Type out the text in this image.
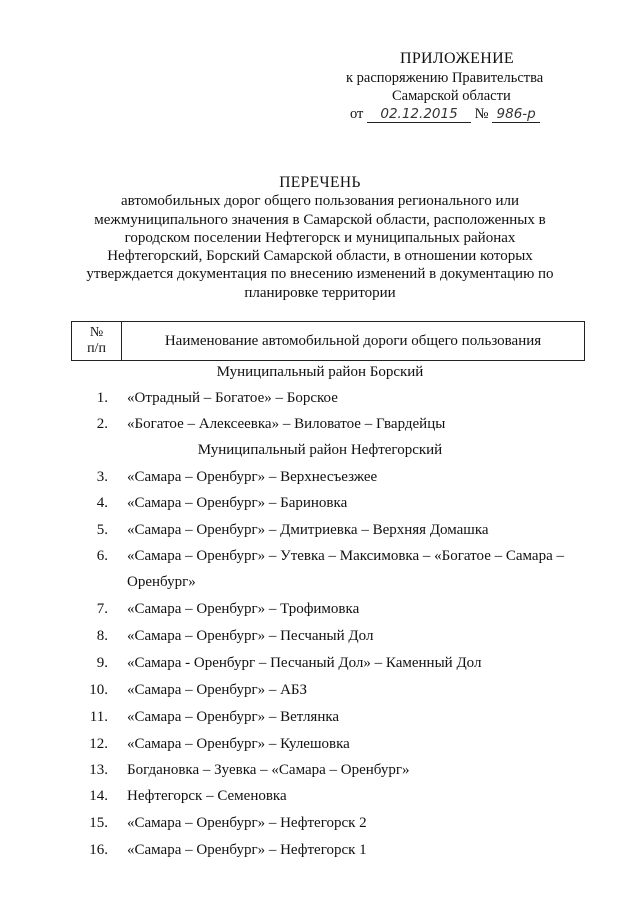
ПРИЛОЖЕНИЕ
к распоряжению Правительства
Самарской области
от 02.12.2015 № 986-р
ПЕРЕЧЕНЬ
автомобильных дорог общего пользования регионального или
межмуниципального значения в Самарской области, расположенных в
городском поселении Нефтегорск и муниципальных районах
Нефтегорский, Борский Самарской области, в отношении которых
утверждается документация по внесению изменений в документацию по
планировке территории
№
п/п	Наименование автомобильной дороги общего пользования
Муниципальный район Борский
1. «Отрадный – Богатое» – Борское
2. «Богатое – Алексеевка» – Виловатое – Гвардейцы
Муниципальный район Нефтегорский
3. «Самара – Оренбург» – Верхнесъезжее
4. «Самара – Оренбург» – Бариновка
5. «Самара – Оренбург» – Дмитриевка – Верхняя Домашка
6. «Самара – Оренбург» – Утевка – Максимовка – «Богатое – Самара – Оренбург»
7. «Самара – Оренбург» – Трофимовка
8. «Самара – Оренбург» – Песчаный Дол
9. «Самара - Оренбург – Песчаный Дол» – Каменный Дол
10. «Самара – Оренбург» – АБЗ
11. «Самара – Оренбург» – Ветлянка
12. «Самара – Оренбург» – Кулешовка
13. Богдановка – Зуевка – «Самара – Оренбург»
14. Нефтегорск – Семеновка
15. «Самара – Оренбург» – Нефтегорск 2
16. «Самара – Оренбург» – Нефтегорск 1
